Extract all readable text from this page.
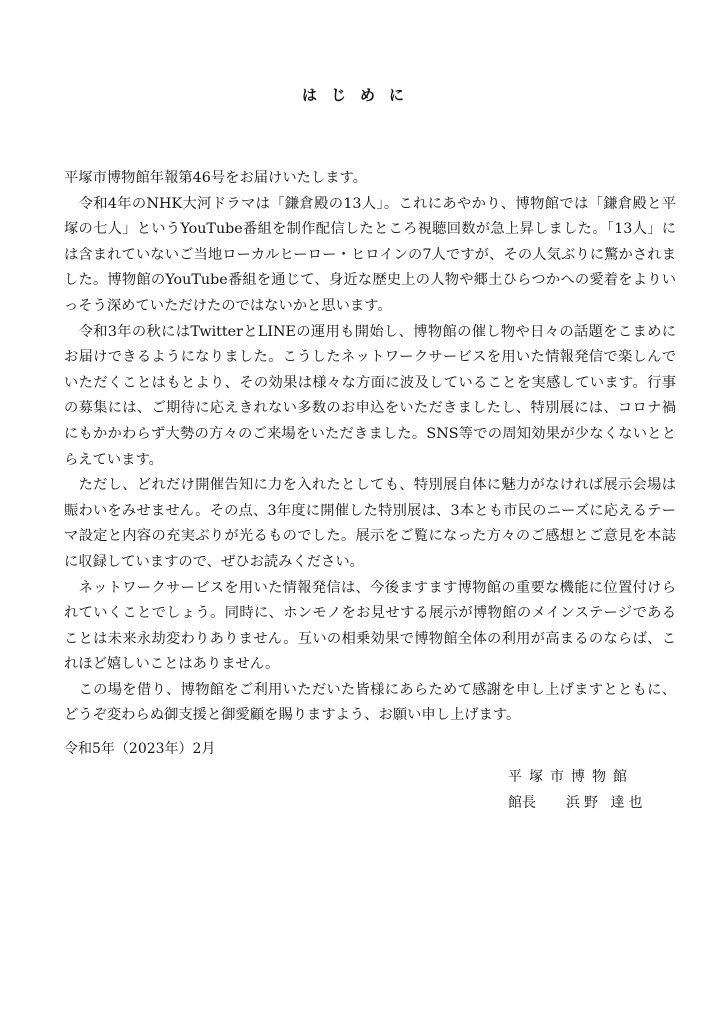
はじめに

平塚市博物館年報第46号をお届けいたします。

　令和4年のNHK大河ドラマは「鎌倉殿の13人」。これにあやかり、博物館では「鎌倉殿と平塚の七人」というYouTube番組を制作配信したところ視聴回数が急上昇しました。「13人」には含まれていないご当地ローカルヒーロー・ヒロインの7人ですが、その人気ぶりに驚かされました。博物館のYouTube番組を通じて、身近な歴史上の人物や郷土ひらつかへの愛着をよりいっそう深めていただけたのではないかと思います。

　令和3年の秋にはTwitterとLINEの運用も開始し、博物館の催し物や日々の話題をこまめにお届けできるようになりました。こうしたネットワークサービスを用いた情報発信で楽しんでいただくことはもとより、その効果は様々な方面に波及していることを実感しています。行事の募集には、ご期待に応えきれない多数のお申込をいただきましたし、特別展には、コロナ禍にもかかわらず大勢の方々のご来場をいただきました。SNS等での周知効果が少なくないととらえています。

　ただし、どれだけ開催告知に力を入れたとしても、特別展自体に魅力がなければ展示会場は賑わいをみせません。その点、3年度に開催した特別展は、3本とも市民のニーズに応えるテーマ設定と内容の充実ぶりが光るものでした。展示をご覧になった方々のご感想とご意見を本誌に収録していますので、ぜひお読みください。

　ネットワークサービスを用いた情報発信は、今後ますます博物館の重要な機能に位置付けられていくことでしょう。同時に、ホンモノをお見せする展示が博物館のメインステージであることは未来永劫変わりありません。互いの相乗効果で博物館全体の利用が高まるのならば、これほど嬉しいことはありません。

　この場を借り、博物館をご利用いただいた皆様にあらためて感謝を申し上げますとともに、どうぞ変わらぬ御支援と御愛顧を賜りますよう、お願い申し上げます。

令和5年（2023年）2月

平塚市博物館

館長 浜野 達也
